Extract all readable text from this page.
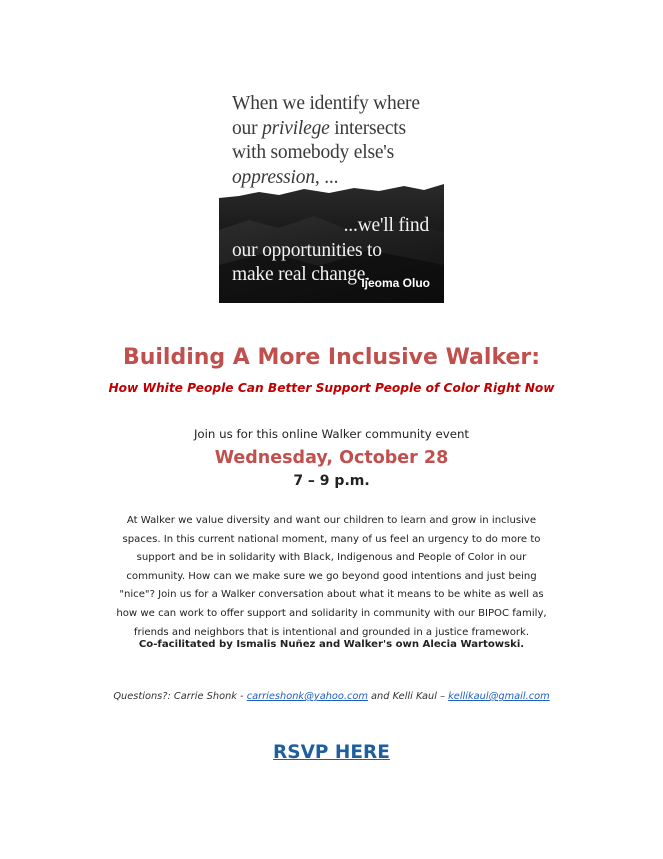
When we identify where
our privilege intersects
with somebody else's
oppression, ...
...we'll find
our opportunities to
make real change.
Ijeoma Oluo
Building A More Inclusive Walker:
How White People Can Better Support People of Color Right Now
Join us for this online Walker community event
Wednesday, October 28
7 – 9 p.m.
At Walker we value diversity and want our children to learn and grow in inclusive
spaces. In this current national moment, many of us feel an urgency to do more to
support and be in solidarity with Black, Indigenous and People of Color in our
community. How can we make sure we go beyond good intentions and just being
"nice"? Join us for a Walker conversation about what it means to be white as well as
how we can work to offer support and solidarity in community with our BIPOC family,
friends and neighbors that is intentional and grounded in a justice framework.
Co-facilitated by Ismalis Nuñez and Walker's own Alecia Wartowski.
Questions?: Carrie Shonk - carrieshonk@yahoo.com and Kelli Kaul – kellikaul@gmail.com
RSVP HERE
